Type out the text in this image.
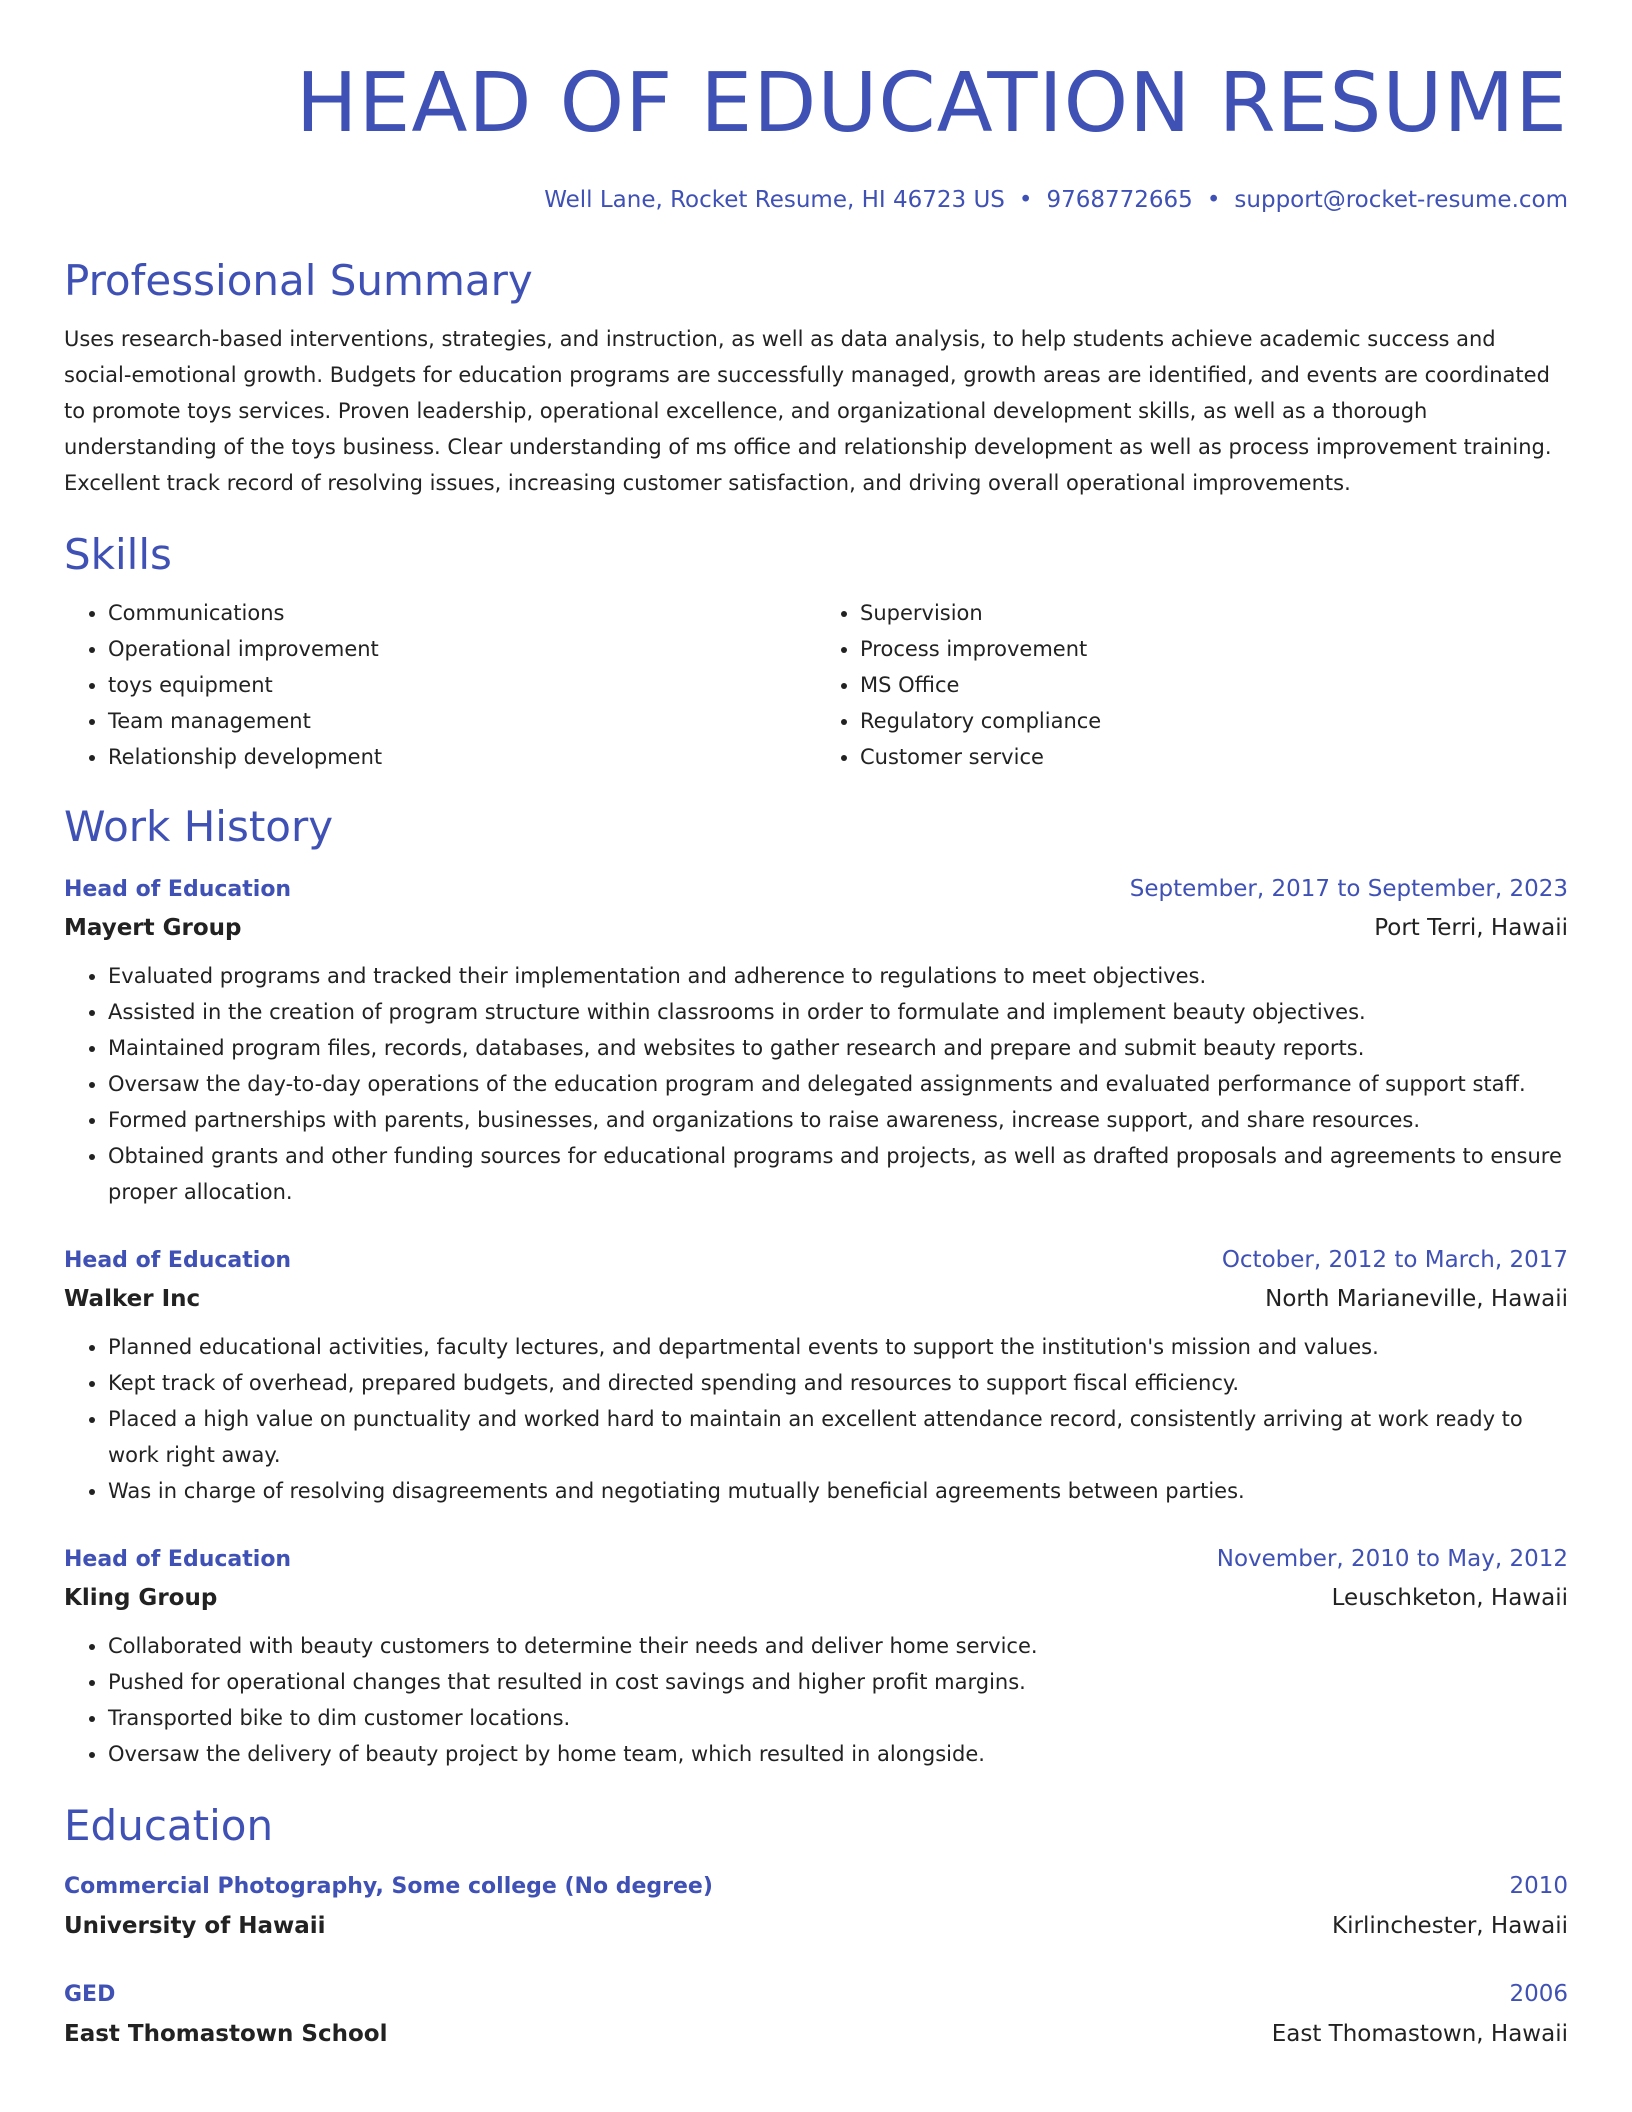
HEAD OF EDUCATION RESUME
Well Lane, Rocket Resume, HI 46723 US • 9768772665 • support@rocket-resume.com
Professional Summary
Uses research-based interventions, strategies, and instruction, as well as data analysis, to help students achieve academic success and social-emotional growth. Budgets for education programs are successfully managed, growth areas are identified, and events are coordinated to promote toys services. Proven leadership, operational excellence, and organizational development skills, as well as a thorough understanding of the toys business. Clear understanding of ms office and relationship development as well as process improvement training. Excellent track record of resolving issues, increasing customer satisfaction, and driving overall operational improvements.
Skills
• Communications
• Operational improvement
• toys equipment
• Team management
• Relationship development
• Supervision
• Process improvement
• MS Office
• Regulatory compliance
• Customer service
Work History
Head of Education	September, 2017 to September, 2023
Mayert Group	Port Terri, Hawaii
• Evaluated programs and tracked their implementation and adherence to regulations to meet objectives.
• Assisted in the creation of program structure within classrooms in order to formulate and implement beauty objectives.
• Maintained program files, records, databases, and websites to gather research and prepare and submit beauty reports.
• Oversaw the day-to-day operations of the education program and delegated assignments and evaluated performance of support staff.
• Formed partnerships with parents, businesses, and organizations to raise awareness, increase support, and share resources.
• Obtained grants and other funding sources for educational programs and projects, as well as drafted proposals and agreements to ensure proper allocation.
Head of Education	October, 2012 to March, 2017
Walker Inc	North Marianeville, Hawaii
• Planned educational activities, faculty lectures, and departmental events to support the institution's mission and values.
• Kept track of overhead, prepared budgets, and directed spending and resources to support fiscal efficiency.
• Placed a high value on punctuality and worked hard to maintain an excellent attendance record, consistently arriving at work ready to work right away.
• Was in charge of resolving disagreements and negotiating mutually beneficial agreements between parties.
Head of Education	November, 2010 to May, 2012
Kling Group	Leuschketon, Hawaii
• Collaborated with beauty customers to determine their needs and deliver home service.
• Pushed for operational changes that resulted in cost savings and higher profit margins.
• Transported bike to dim customer locations.
• Oversaw the delivery of beauty project by home team, which resulted in alongside.
Education
Commercial Photography, Some college (No degree)	2010
University of Hawaii	Kirlinchester, Hawaii
GED	2006
East Thomastown School	East Thomastown, Hawaii
